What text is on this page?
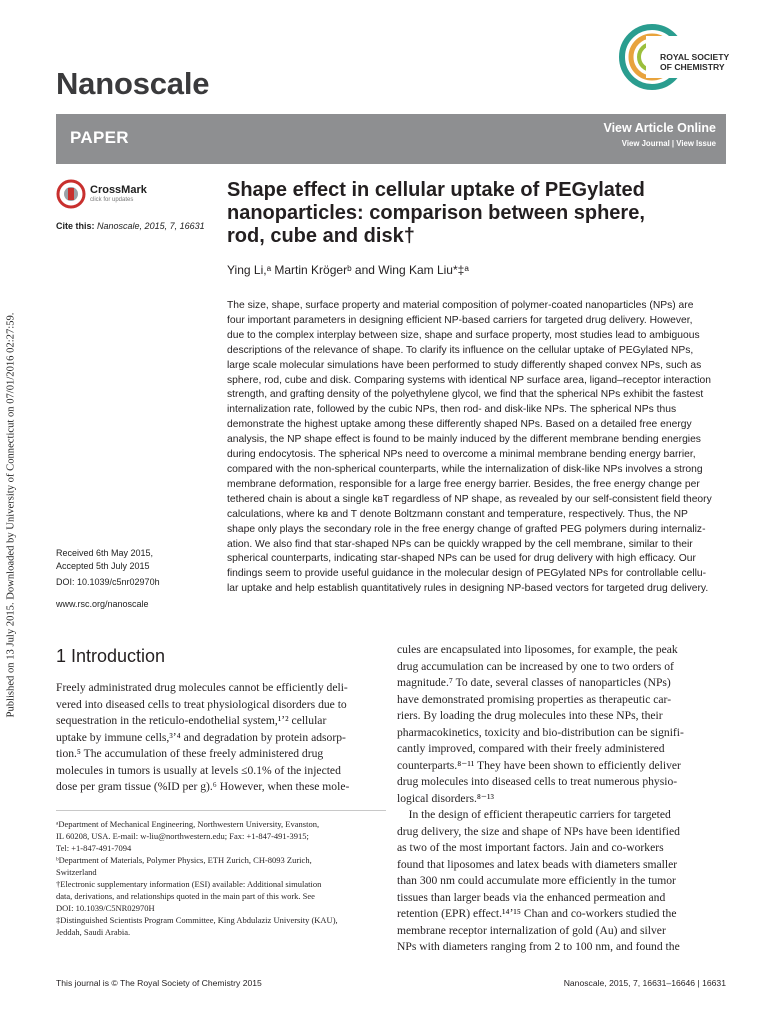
Published on 13 July 2015. Downloaded by University of Connecticut on 07/01/2016 02:27:59.
Nanoscale
ROYAL SOCIETY
OF CHEMISTRY
PAPER	View Article Online
View Journal | View Issue
CrossMark
click for updates
Cite this: Nanoscale, 2015, 7, 16631
Shape effect in cellular uptake of PEGylated
nanoparticles: comparison between sphere,
rod, cube and disk†
Ying Li,ᵃ Martin Krögerᵇ and Wing Kam Liu*‡ᵃ
The size, shape, surface property and material composition of polymer-coated nanoparticles (NPs) are
four important parameters in designing efficient NP-based carriers for targeted drug delivery. However,
due to the complex interplay between size, shape and surface property, most studies lead to ambiguous
descriptions of the relevance of shape. To clarify its influence on the cellular uptake of PEGylated NPs,
large scale molecular simulations have been performed to study differently shaped convex NPs, such as
sphere, rod, cube and disk. Comparing systems with identical NP surface area, ligand–receptor interaction
strength, and grafting density of the polyethylene glycol, we find that the spherical NPs exhibit the fastest
internalization rate, followed by the cubic NPs, then rod- and disk-like NPs. The spherical NPs thus
demonstrate the highest uptake among these differently shaped NPs. Based on a detailed free energy
analysis, the NP shape effect is found to be mainly induced by the different membrane bending energies
during endocytosis. The spherical NPs need to overcome a minimal membrane bending energy barrier,
compared with the non-spherical counterparts, while the internalization of disk-like NPs involves a strong
membrane deformation, responsible for a large free energy barrier. Besides, the free energy change per
tethered chain is about a single kʙT regardless of NP shape, as revealed by our self-consistent field theory
calculations, where kʙ and T denote Boltzmann constant and temperature, respectively. Thus, the NP
shape only plays the secondary role in the free energy change of grafted PEG polymers during internaliz-
ation. We also find that star-shaped NPs can be quickly wrapped by the cell membrane, similar to their
spherical counterparts, indicating star-shaped NPs can be used for drug delivery with high efficacy. Our
findings seem to provide useful guidance in the molecular design of PEGylated NPs for controllable cellu-
lar uptake and help establish quantitatively rules in designing NP-based vectors for targeted drug delivery.
Received 6th May 2015,
Accepted 5th July 2015
DOI: 10.1039/c5nr02970h
www.rsc.org/nanoscale
1 Introduction
Freely administrated drug molecules cannot be efficiently deli-
vered into diseased cells to treat physiological disorders due to
sequestration in the reticulo-endothelial system,¹ʼ² cellular
uptake by immune cells,³ʼ⁴ and degradation by protein adsorp-
tion.⁵ The accumulation of these freely administered drug
molecules in tumors is usually at levels ≤0.1% of the injected
dose per gram tissue (%ID per g).⁶ However, when these mole-
ᵃDepartment of Mechanical Engineering, Northwestern University, Evanston,
IL 60208, USA. E-mail: w-liu@northwestern.edu; Fax: +1-847-491-3915;
Tel: +1-847-491-7094
ᵇDepartment of Materials, Polymer Physics, ETH Zurich, CH-8093 Zurich,
Switzerland
†Electronic supplementary information (ESI) available: Additional simulation
data, derivations, and relationships quoted in the main part of this work. See
DOI: 10.1039/C5NR02970H
‡Distinguished Scientists Program Committee, King Abdulaziz University (KAU),
Jeddah, Saudi Arabia.
cules are encapsulated into liposomes, for example, the peak
drug accumulation can be increased by one to two orders of
magnitude.⁷ To date, several classes of nanoparticles (NPs)
have demonstrated promising properties as therapeutic car-
riers. By loading the drug molecules into these NPs, their
pharmacokinetics, toxicity and bio-distribution can be signifi-
cantly improved, compared with their freely administered
counterparts.⁸⁻¹¹ They have been shown to efficiently deliver
drug molecules into diseased cells to treat numerous physio-
logical disorders.⁸⁻¹³
In the design of efficient therapeutic carriers for targeted
drug delivery, the size and shape of NPs have been identified
as two of the most important factors. Jain and co-workers
found that liposomes and latex beads with diameters smaller
than 300 nm could accumulate more efficiently in the tumor
tissues than larger beads via the enhanced permeation and
retention (EPR) effect.¹⁴ʼ¹⁵ Chan and co-workers studied the
membrane receptor internalization of gold (Au) and silver
NPs with diameters ranging from 2 to 100 nm, and found the
This journal is © The Royal Society of Chemistry 2015	Nanoscale, 2015, 7, 16631–16646 | 16631
